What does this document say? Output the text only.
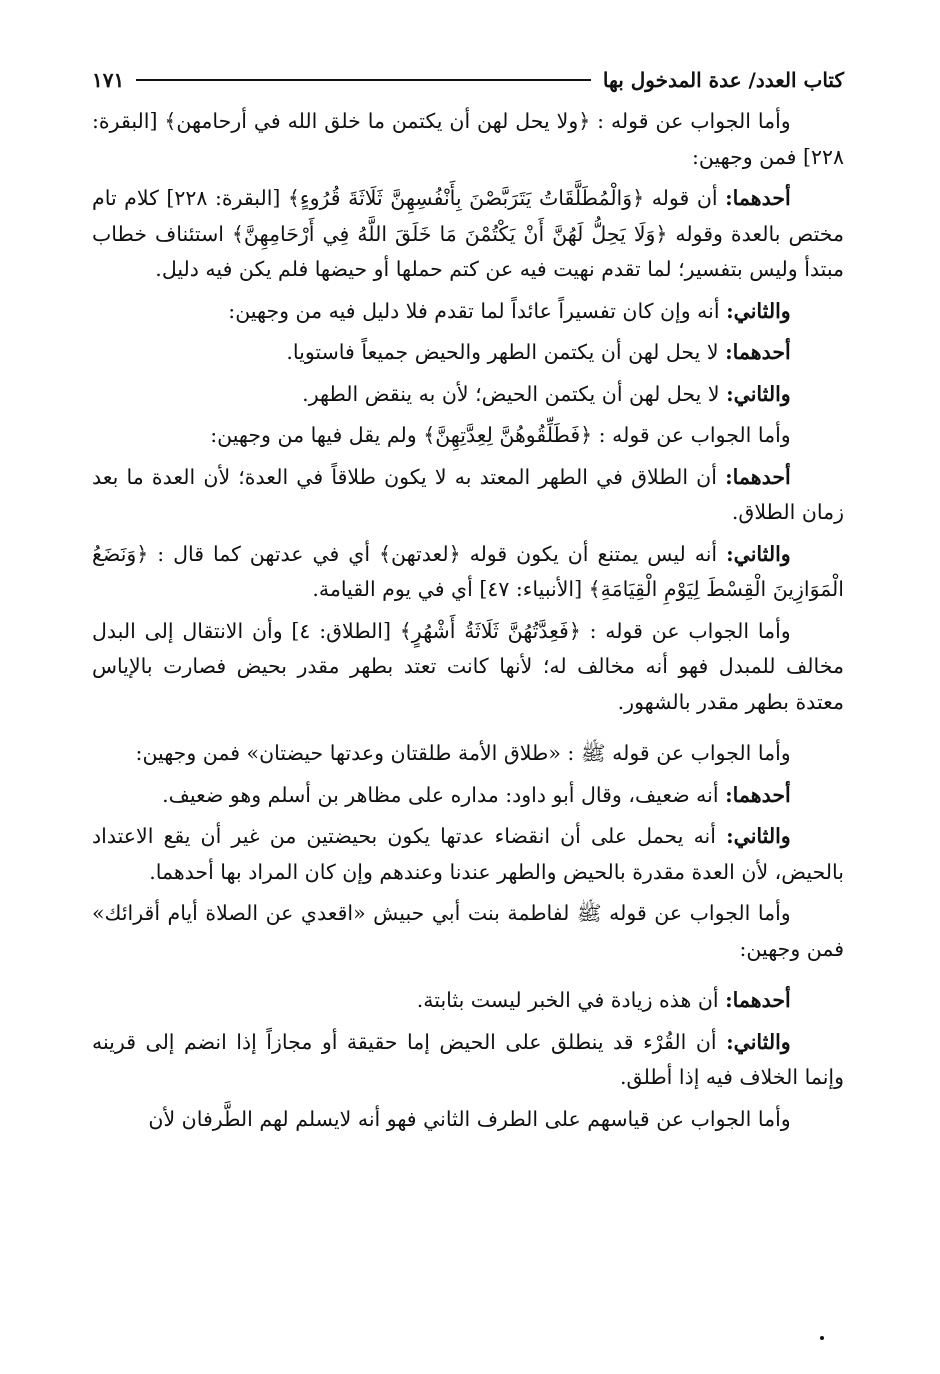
كتاب العدد/ عدة المدخول بها
١٧١

وأما الجواب عن قوله : ﴿ولا يحل لهن أن يكتمن ما خلق الله في أرحامهن﴾ [البقرة: ٢٢٨] فمن وجهين:

أحدهما: أن قوله ﴿وَالْمُطَلَّقَاتُ يَتَرَبَّصْنَ بِأَنْفُسِهِنَّ ثَلَاثَةَ قُرُوءٍ﴾ [البقرة: ٢٢٨] كلام تام مختص بالعدة وقوله ﴿وَلَا يَحِلُّ لَهُنَّ أَنْ يَكْتُمْنَ مَا خَلَقَ اللَّهُ فِي أَرْحَامِهِنَّ﴾ استئناف خطاب مبتدأ وليس بتفسير؛ لما تقدم نهيت فيه عن كتم حملها أو حيضها فلم يكن فيه دليل.

والثاني: أنه وإن كان تفسيراً عائداً لما تقدم فلا دليل فيه من وجهين:

أحدهما: لا يحل لهن أن يكتمن الطهر والحيض جميعاً فاستويا.

والثاني: لا يحل لهن أن يكتمن الحيض؛ لأن به ينقض الطهر.

وأما الجواب عن قوله : ﴿فَطَلِّقُوهُنَّ لِعِدَّتِهِنَّ﴾ ولم يقل فيها من وجهين:

أحدهما: أن الطلاق في الطهر المعتد به لا يكون طلاقاً في العدة؛ لأن العدة ما بعد زمان الطلاق.

والثاني: أنه ليس يمتنع أن يكون قوله ﴿لعدتهن﴾ أي في عدتهن كما قال : ﴿وَنَضَعُ الْمَوَازِينَ الْقِسْطَ لِيَوْمِ الْقِيَامَةِ﴾ [الأنبياء: ٤٧] أي في يوم القيامة.

وأما الجواب عن قوله : ﴿فَعِدَّتُهُنَّ ثَلَاثَةُ أَشْهُرٍ﴾ [الطلاق: ٤] وأن الانتقال إلى البدل مخالف للمبدل فهو أنه مخالف له؛ لأنها كانت تعتد بطهر مقدر بحيض فصارت بالإياس معتدة بطهر مقدر بالشهور.

وأما الجواب عن قوله ﷺ : «طلاق الأمة طلقتان وعدتها حيضتان» فمن وجهين:

أحدهما: أنه ضعيف، وقال أبو داود: مداره على مظاهر بن أسلم وهو ضعيف.

والثاني: أنه يحمل على أن انقضاء عدتها يكون بحيضتين من غير أن يقع الاعتداد بالحيض، لأن العدة مقدرة بالحيض والطهر عندنا وعندهم وإن كان المراد بها أحدهما.

وأما الجواب عن قوله ﷺ لفاطمة بنت أبي حبيش «اقعدي عن الصلاة أيام أقرائك» فمن وجهين:

أحدهما: أن هذه زيادة في الخبر ليست بثابتة.

والثاني: أن القُرْء قد ينطلق على الحيض إما حقيقة أو مجازاً إذا انضم إلى قرينه وإنما الخلاف فيه إذا أطلق.

وأما الجواب عن قياسهم على الطرف الثاني فهو أنه لايسلم لهم الطَّرفان لأن
